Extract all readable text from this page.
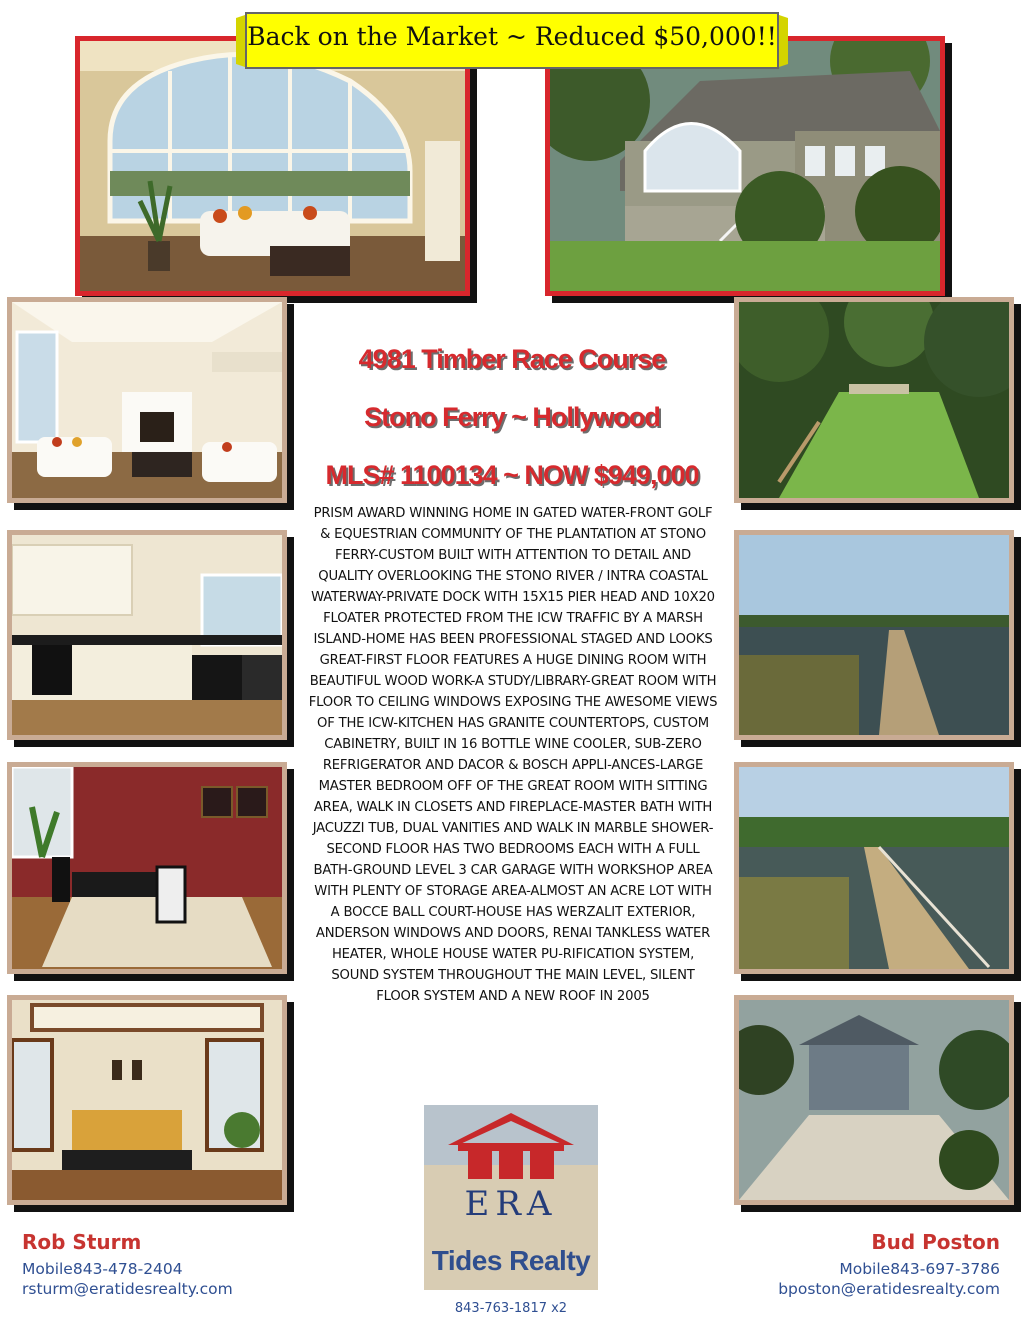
Back on the Market ~ Reduced $50,000!!
4981 Timber Race Course
Stono Ferry ~ Hollywood
MLS# 1100134 ~ NOW $949,000
PRISM AWARD WINNING HOME IN GATED WATER-FRONT GOLF & EQUESTRIAN COMMUNITY OF THE PLANTATION AT STONO FERRY-CUSTOM BUILT WITH ATTENTION TO DETAIL AND QUALITY OVERLOOKING THE STONO RIVER / INTRA COASTAL WATERWAY-PRIVATE DOCK WITH 15X15 PIER HEAD AND 10X20 FLOATER PROTECTED FROM THE ICW TRAFFIC BY A MARSH ISLAND-HOME HAS BEEN PROFESSIONAL STAGED AND LOOKS GREAT-FIRST FLOOR FEATURES A HUGE DINING ROOM WITH BEAUTIFUL WOOD WORK-A STUDY/LIBRARY-GREAT ROOM WITH FLOOR TO CEILING WINDOWS EXPOSING THE AWESOME VIEWS OF THE ICW-KITCHEN HAS GRANITE COUNTERTOPS, CUSTOM CABINETRY, BUILT IN 16 BOTTLE WINE COOLER, SUB-ZERO REFRIGERATOR AND DACOR & BOSCH APPLI-ANCES-LARGE MASTER BEDROOM OFF OF THE GREAT ROOM WITH SITTING AREA, WALK IN CLOSETS AND FIREPLACE-MASTER BATH WITH JACUZZI TUB, DUAL VANITIES AND WALK IN MARBLE SHOWER-SECOND FLOOR HAS TWO BEDROOMS EACH WITH A FULL BATH-GROUND LEVEL 3 CAR GARAGE WITH WORKSHOP AREA WITH PLENTY OF STORAGE AREA-ALMOST AN ACRE LOT WITH A BOCCE BALL COURT-HOUSE HAS WERZALIT EXTERIOR, ANDERSON WINDOWS AND DOORS, RENAI TANKLESS WATER HEATER, WHOLE HOUSE WATER PU-RIFICATION SYSTEM, SOUND SYSTEM THROUGHOUT THE MAIN LEVEL, SILENT FLOOR SYSTEM AND A NEW ROOF IN 2005
ERA
Tides Realty
843-763-1817 x2
Rob Sturm
Mobile843-478-2404
rsturm@eratidesrealty.com
Bud Poston
Mobile843-697-3786
bposton@eratidesrealty.com
